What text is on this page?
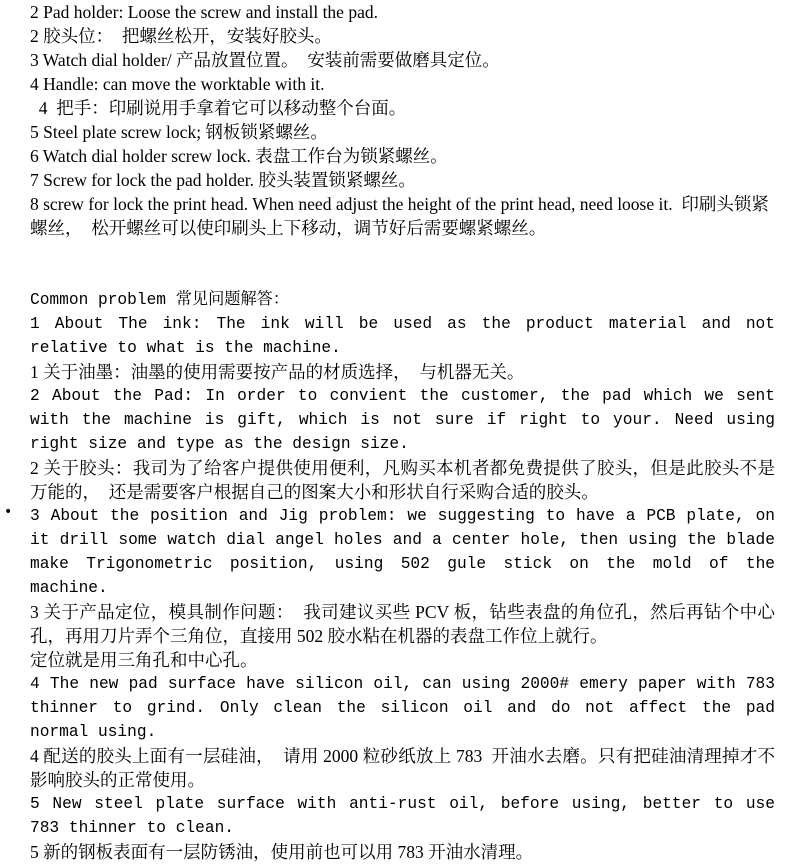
2 Pad holder: Loose the screw and install the pad.
2 胶头位：  把螺丝松开，安装好胶头。
3 Watch dial holder/ 产品放置位置。  安装前需要做磨具定位。
4 Handle: can move the worktable with it.
4  把手：印刷说用手拿着它可以移动整个台面。
5 Steel plate screw lock; 钢板锁紧螺丝。
6 Watch dial holder screw lock. 表盘工作台为锁紧螺丝。
7 Screw for lock the pad holder. 胶头装置锁紧螺丝。
8 screw for lock the print head. When need adjust the height of the print head, need loose it.  印刷头锁紧螺丝，  松开螺丝可以使印刷头上下移动，调节好后需要螺紧螺丝。
Common problem 常见问题解答：
1 About The ink: The ink will be used as the product material and not relative to what is the machine.
1 关于油墨：油墨的使用需要按产品的材质选择，  与机器无关。
2 About the Pad: In order to convient the customer, the pad which we sent with the machine is gift, which is not sure if right to your. Need using right size and type as the design size.
2 关于胶头：我司为了给客户提供使用便利，凡购买本机者都免费提供了胶头，但是此胶头不是万能的，  还是需要客户根据自己的图案大小和形状自行采购合适的胶头。
• 3 About the position and Jig problem: we suggesting to have a PCB plate, on it drill some watch dial angel holes and a center hole, then using the blade make Trigonometric position, using 502 gule stick on the mold of the machine.
3 关于产品定位，模具制作问题：  我司建议买些 PCV 板，钻些表盘的角位孔，然后再钻个中心孔，再用刀片弄个三角位，直接用 502 胶水粘在机器的表盘工作位上就行。
定位就是用三角孔和中心孔。
4 The new pad surface have silicon oil, can using 2000# emery paper with 783 thinner to grind. Only clean the silicon oil and do not affect the pad normal using.
4 配送的胶头上面有一层硅油，  请用 2000 粒砂纸放上 783  开油水去磨。只有把硅油清理掉才不影响胶头的正常使用。
5 New steel plate surface with anti-rust oil, before using, better to use 783 thinner to clean.
5 新的钢板表面有一层防锈油，使用前也可以用 783 开油水清理。
